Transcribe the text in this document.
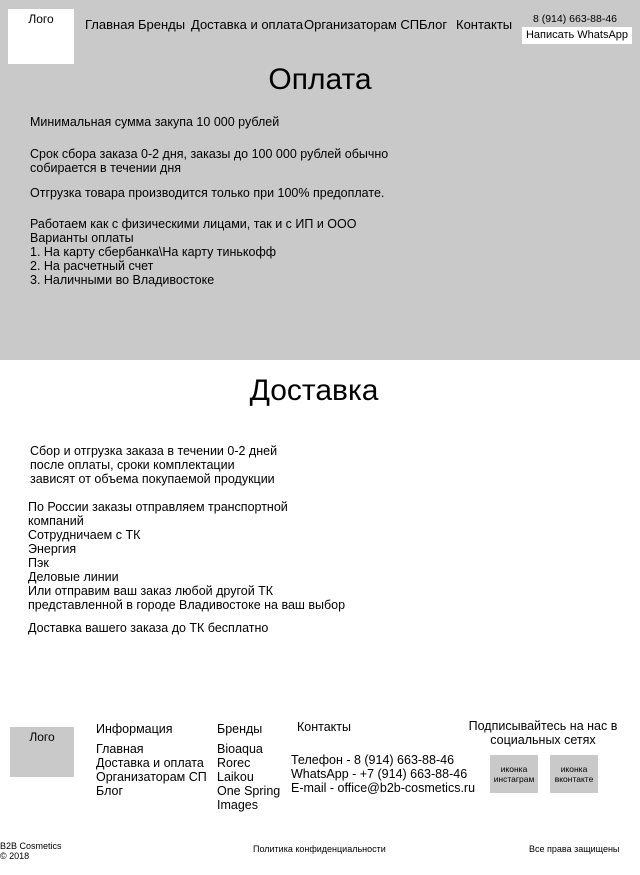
Лого	Главная Бренды Доставка и оплата Организаторам СП Блог Контакты	8 (914) 663-88-46
Написать WhatsApp
Оплата
Минимальная сумма закупа 10 000 рублей
Срок сбора заказа 0-2 дня, заказы до 100 000 рублей обычно
собирается в течении дня
Отгрузка товара производится только при 100% предоплате.
Работаем как с физическими лицами, так и с ИП и ООО
Варианты оплаты
1. На карту сбербанка\На карту тинькофф
2. На расчетный счет
3. Наличными во Владивостоке
Доставка
Сбор и отгрузка заказа в течении 0-2 дней
после оплаты, сроки комплектации
зависят от объема покупаемой продукции
По России заказы отправляем транспортной
компаний
Сотрудничаем с ТК
Энергия
Пэк
Деловые линии
Или отправим ваш заказ любой другой ТК
представленной в городе Владивостоке на ваш выбор
Доставка вашего заказа до ТК бесплатно
Лого
Информация
Главная
Доставка и оплата
Организаторам СП
Блог
Бренды
Bioaqua
Rorec
Laikou
One Spring
Images
Контакты
Телефон - 8 (914) 663-88-46
WhatsApp - +7 (914) 663-88-46
E-mail - office@b2b-cosmetics.ru
Подписывайтесь на нас в
социальных сетях
иконка
инстаграм
иконка
вконтакте
B2B Cosmetics
© 2018
Политика конфиденциальности	Все права защищены
